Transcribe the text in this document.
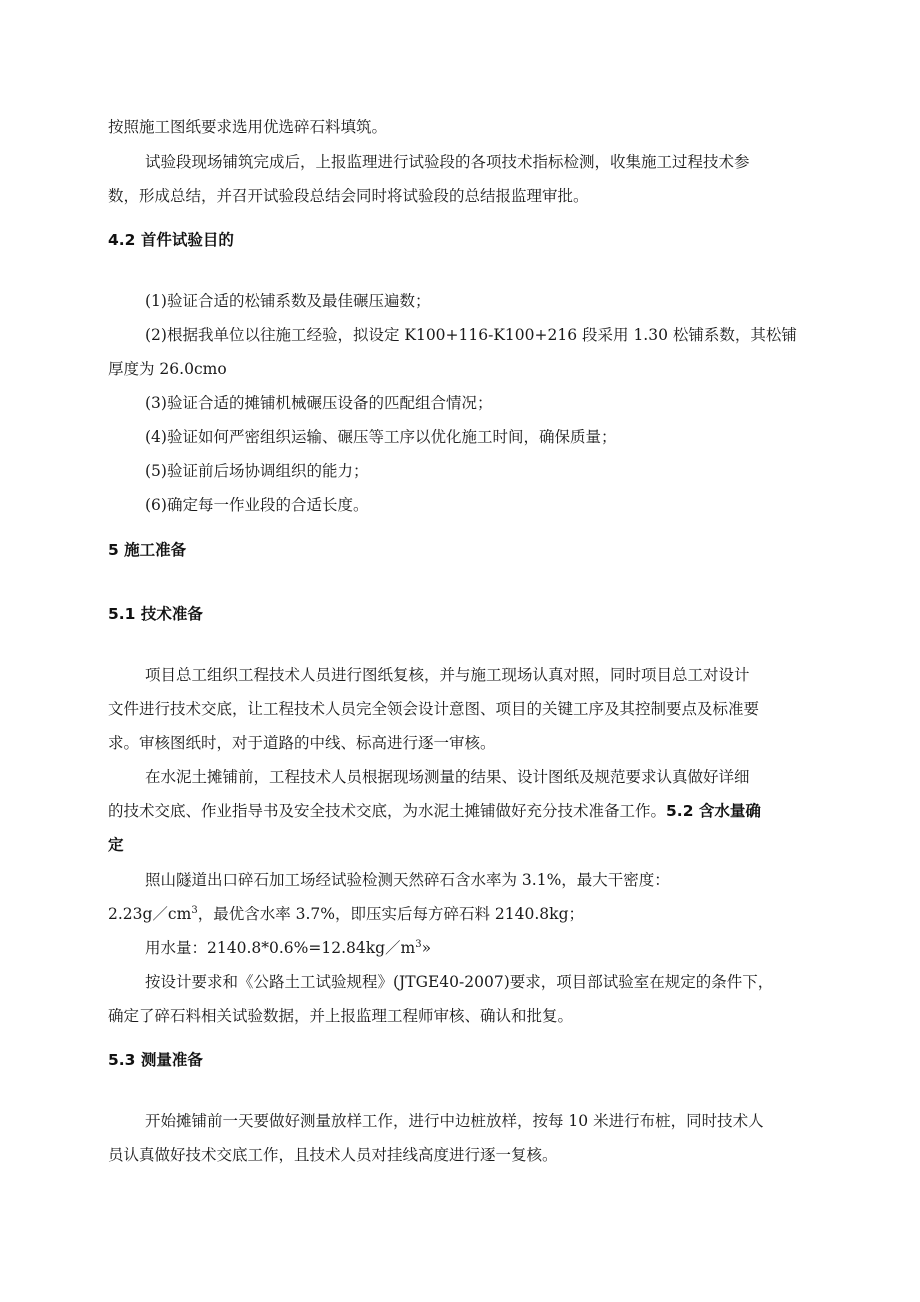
按照施工图纸要求选用优选碎石料填筑。
试验段现场铺筑完成后，上报监理进行试验段的各项技术指标检测，收集施工过程技术参
数，形成总结，并召开试验段总结会同时将试验段的总结报监理审批。
4.2 首件试验目的
(1)验证合适的松铺系数及最佳碾压遍数；
(2)根据我单位以往施工经验，拟设定 K100+116-K100+216 段采用 1.30 松铺系数，其松铺
厚度为 26.0cmo
(3)验证合适的摊铺机械碾压设备的匹配组合情况；
(4)验证如何严密组织运输、碾压等工序以优化施工时间，确保质量；
(5)验证前后场协调组织的能力；
(6)确定每一作业段的合适长度。
5 施工准备
5.1 技术准备
项目总工组织工程技术人员进行图纸复核，并与施工现场认真对照，同时项目总工对设计
文件进行技术交底，让工程技术人员完全领会设计意图、项目的关键工序及其控制要点及标准要
求。审核图纸时，对于道路的中线、标高进行逐一审核。
在水泥土摊铺前，工程技术人员根据现场测量的结果、设计图纸及规范要求认真做好详细
的技术交底、作业指导书及安全技术交底，为水泥土摊铺做好充分技术准备工作。5.2 含水量确
定
照山隧道出口碎石加工场经试验检测天然碎石含水率为 3.1%，最大干密度：
$2.23g/cm^3$，最优含水率 3.7%，即压实后每方碎石料 2140.8kg；
用水量：$2140.8*0.6\%=12.84kg/m^3$»
按设计要求和《公路土工试验规程》(JTGE40-2007)要求，项目部试验室在规定的条件下，
确定了碎石料相关试验数据，并上报监理工程师审核、确认和批复。
5.3 测量准备
开始摊铺前一天要做好测量放样工作，进行中边桩放样，按每 10 米进行布桩，同时技术人
员认真做好技术交底工作，且技术人员对挂线高度进行逐一复核。
